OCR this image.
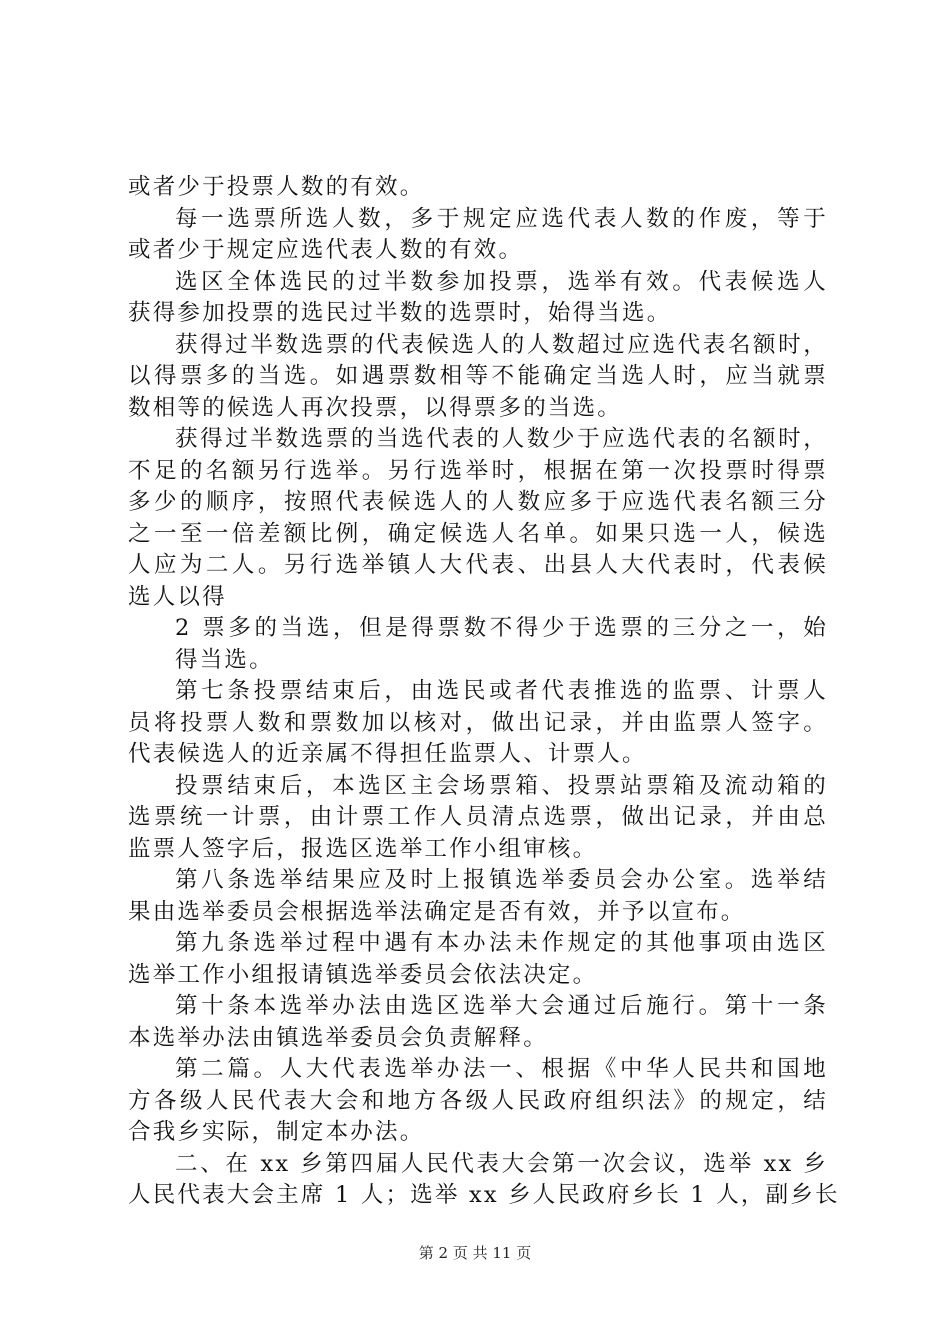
或者少于投票人数的有效。
每一选票所选人数，多于规定应选代表人数的作废，等于
或者少于规定应选代表人数的有效。
选区全体选民的过半数参加投票，选举有效。代表候选人
获得参加投票的选民过半数的选票时，始得当选。
获得过半数选票的代表候选人的人数超过应选代表名额时，
以得票多的当选。如遇票数相等不能确定当选人时，应当就票
数相等的候选人再次投票，以得票多的当选。
获得过半数选票的当选代表的人数少于应选代表的名额时，
不足的名额另行选举。另行选举时，根据在第一次投票时得票
多少的顺序，按照代表候选人的人数应多于应选代表名额三分
之一至一倍差额比例，确定候选人名单。如果只选一人，候选
人应为二人。另行选举镇人大代表、出县人大代表时，代表候
选人以得
2 票多的当选，但是得票数不得少于选票的三分之一，始
得当选。
第七条投票结束后，由选民或者代表推选的监票、计票人
员将投票人数和票数加以核对，做出记录，并由监票人签字。
代表候选人的近亲属不得担任监票人、计票人。
投票结束后，本选区主会场票箱、投票站票箱及流动箱的
选票统一计票，由计票工作人员清点选票，做出记录，并由总
监票人签字后，报选区选举工作小组审核。
第八条选举结果应及时上报镇选举委员会办公室。选举结
果由选举委员会根据选举法确定是否有效，并予以宣布。
第九条选举过程中遇有本办法未作规定的其他事项由选区
选举工作小组报请镇选举委员会依法决定。
第十条本选举办法由选区选举大会通过后施行。第十一条
本选举办法由镇选举委员会负责解释。
第二篇。人大代表选举办法一、根据《中华人民共和国地
方各级人民代表大会和地方各级人民政府组织法》的规定，结
合我乡实际，制定本办法。
二、在 xx 乡第四届人民代表大会第一次会议，选举 xx 乡
人民代表大会主席 1 人；选举 xx 乡人民政府乡长 1 人，副乡长
第 2 页 共 11 页
